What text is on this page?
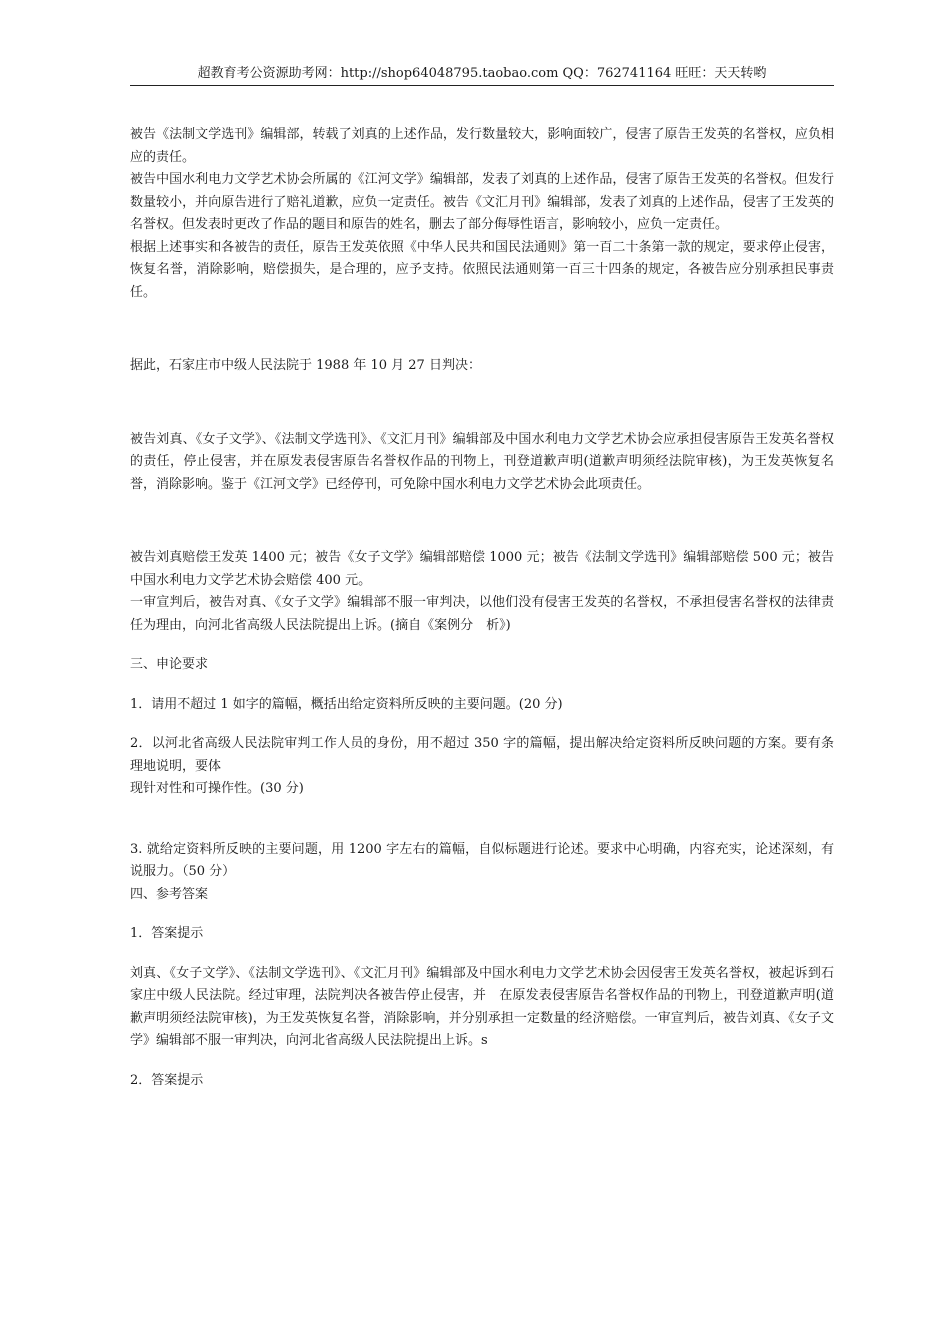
超教育考公资源助考网：http://shop64048795.taobao.com QQ：762741164 旺旺：天天转哟

被告《法制文学选刊》编辑部，转载了刘真的上述作品，发行数量较大，影响面较广，侵害了原告王发英的名誉权，应负相应的责任。

被告中国水利电力文学艺术协会所属的《江河文学》编辑部，发表了刘真的上述作品，侵害了原告王发英的名誉权。但发行数量较小，并向原告进行了赔礼道歉，应负一定责任。被告《文汇月刊》编辑部，发表了刘真的上述作品，侵害了王发英的名誉权。但发表时更改了作品的题目和原告的姓名，删去了部分侮辱性语言，影响较小，应负一定责任。

根据上述事实和各被告的责任，原告王发英依照《中华人民共和国民法通则》第一百二十条第一款的规定，要求停止侵害，恢复名誉，消除影响，赔偿损失，是合理的，应予支持。依照民法通则第一百三十四条的规定，各被告应分别承担民事责任。

据此，石家庄市中级人民法院于 1988 年 10 月 27 日判决：

被告刘真、《女子文学》、《法制文学选刊》、《文汇月刊》编辑部及中国水利电力文学艺术协会应承担侵害原告王发英名誉权的责任，停止侵害，并在原发表侵害原告名誉权作品的刊物上，刊登道歉声明(道歉声明须经法院审核)，为王发英恢复名誉，消除影响。鉴于《江河文学》已经停刊，可免除中国水利电力文学艺术协会此项责任。

被告刘真赔偿王发英 1400 元；被告《女子文学》编辑部赔偿 1000 元；被告《法制文学选刊》编辑部赔偿 500 元；被告中国水利电力文学艺术协会赔偿 400 元。

一审宣判后，被告对真、《女子文学》编辑部不服一审判决，以他们没有侵害王发英的名誉权，不承担侵害名誉权的法律责任为理由，向河北省高级人民法院提出上诉。(摘自《案例分　析》)

三、申论要求

1．请用不超过 1 如字的篇幅，概括出给定资料所反映的主要问题。(20 分)

2．以河北省高级人民法院审判工作人员的身份，用不超过 350 字的篇幅，提出解决给定资料所反映问题的方案。要有条理地说明，要体

现针对性和可操作性。(30 分)

3. 就给定资料所反映的主要问题，用 1200 字左右的篇幅，自似标题进行论述。要求中心明确，内容充实，论述深刻，有说服力。（50 分）

四、参考答案

1．答案提示

刘真、《女子文学》、《法制文学选刊》、《文汇月刊》编辑部及中国水利电力文学艺术协会因侵害王发英名誉权，被起诉到石家庄中级人民法院。经过审理，法院判决各被告停止侵害，并　在原发表侵害原告名誉权作品的刊物上，刊登道歉声明(道歉声明须经法院审核)，为王发英恢复名誉，消除影响，并分别承担一定数量的经济赔偿。一审宣判后，被告刘真、《女子文学》编辑部不服一审判决，向河北省高级人民法院提出上诉。s

2．答案提示
